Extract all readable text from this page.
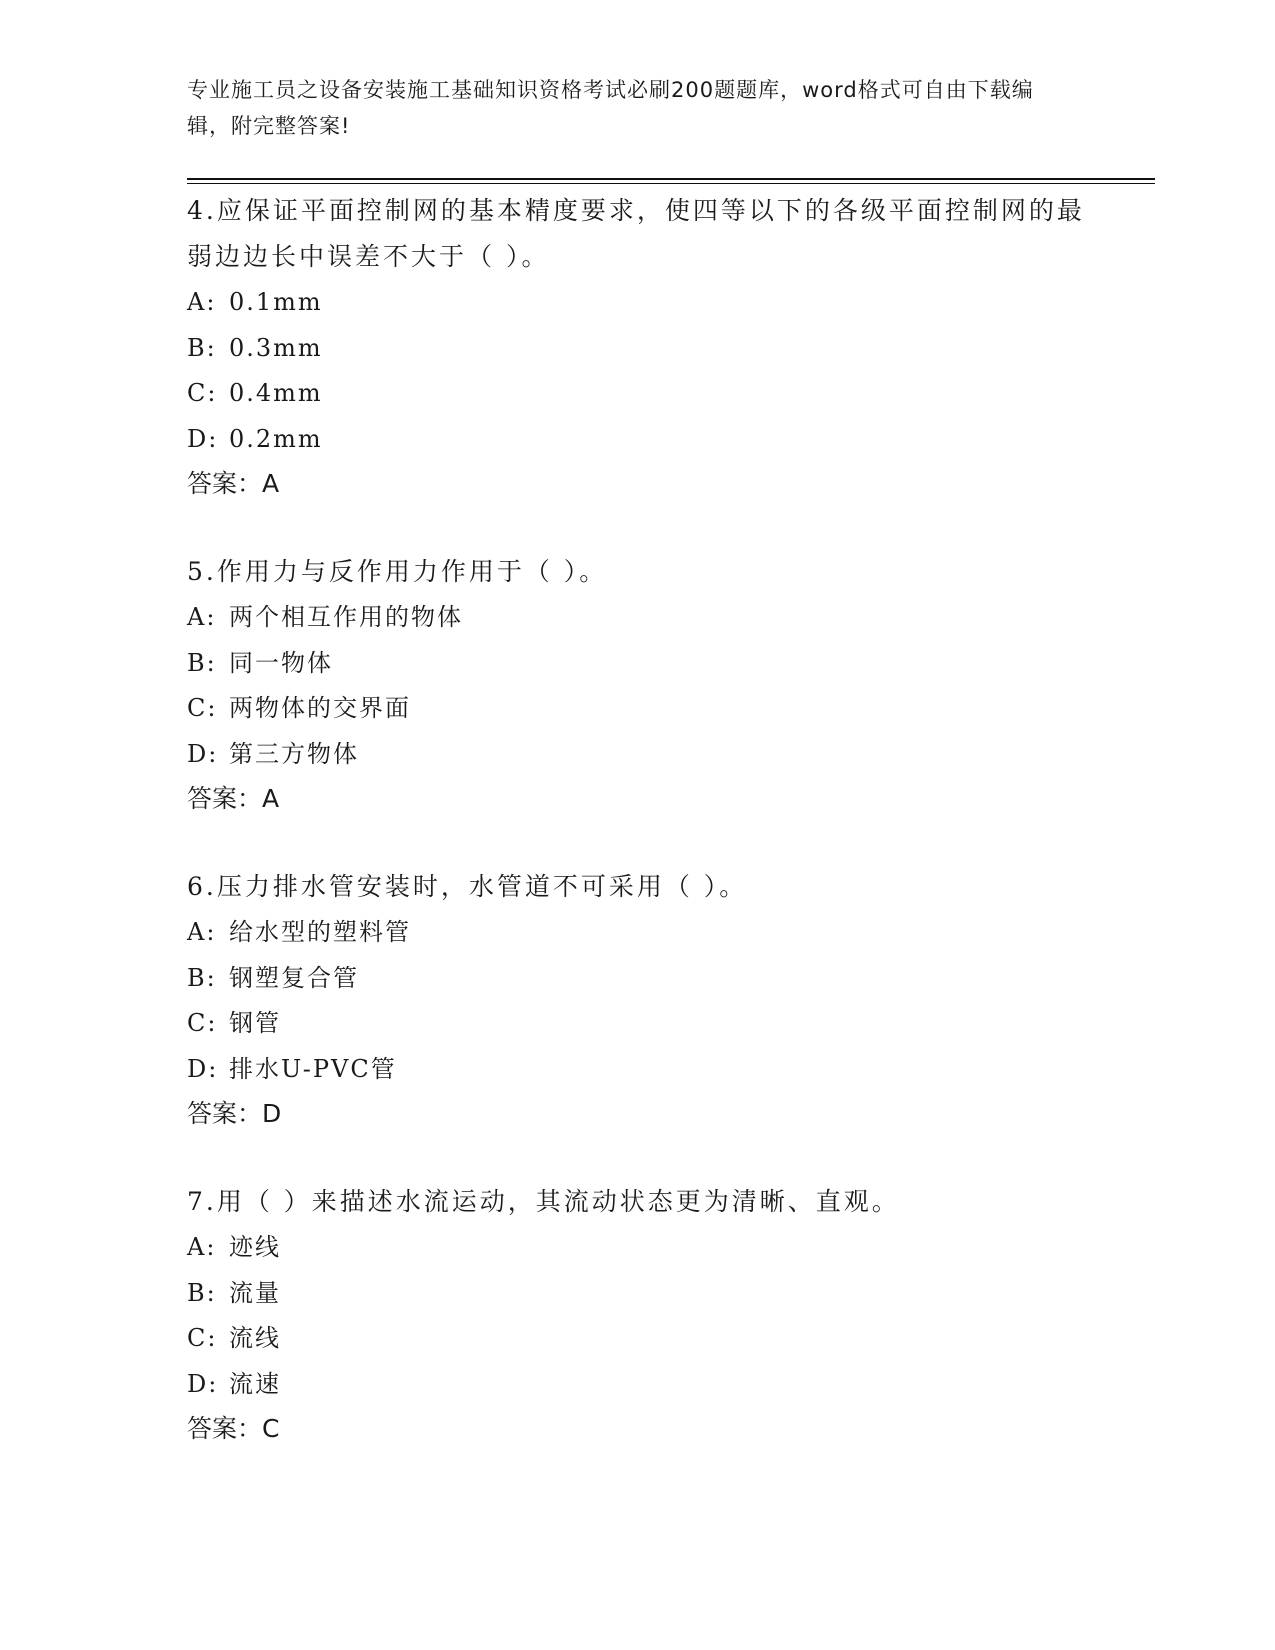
专业施工员之设备安装施工基础知识资格考试必刷200题题库，word格式可自由下载编辑，附完整答案!

4.应保证平面控制网的基本精度要求，使四等以下的各级平面控制网的最弱边边长中误差不大于（ ）。

A: 0.1mm

B: 0.3mm

C: 0.4mm

D: 0.2mm

答案：A

5.作用力与反作用力作用于（ ）。

A: 两个相互作用的物体

B: 同一物体

C: 两物体的交界面

D: 第三方物体

答案：A

6.压力排水管安装时，水管道不可采用（ ）。

A: 给水型的塑料管

B: 钢塑复合管

C: 钢管

D: 排水U-PVC管

答案：D

7.用（ ）来描述水流运动，其流动状态更为清晰、直观。

A: 迹线

B: 流量

C: 流线

D: 流速

答案：C
